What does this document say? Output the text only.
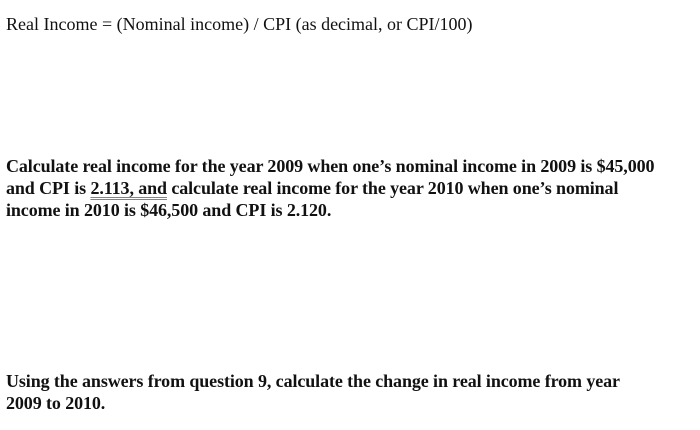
Real Income = (Nominal income) / CPI (as decimal, or CPI/100)

Calculate real income for the year 2009 when one’s nominal income in 2009 is $45,000
and CPI is 2.113, and calculate real income for the year 2010 when one’s nominal
income in 2010 is $46,500 and CPI is 2.120.
Using the answers from question 9, calculate the change in real income from year
2009 to 2010.
